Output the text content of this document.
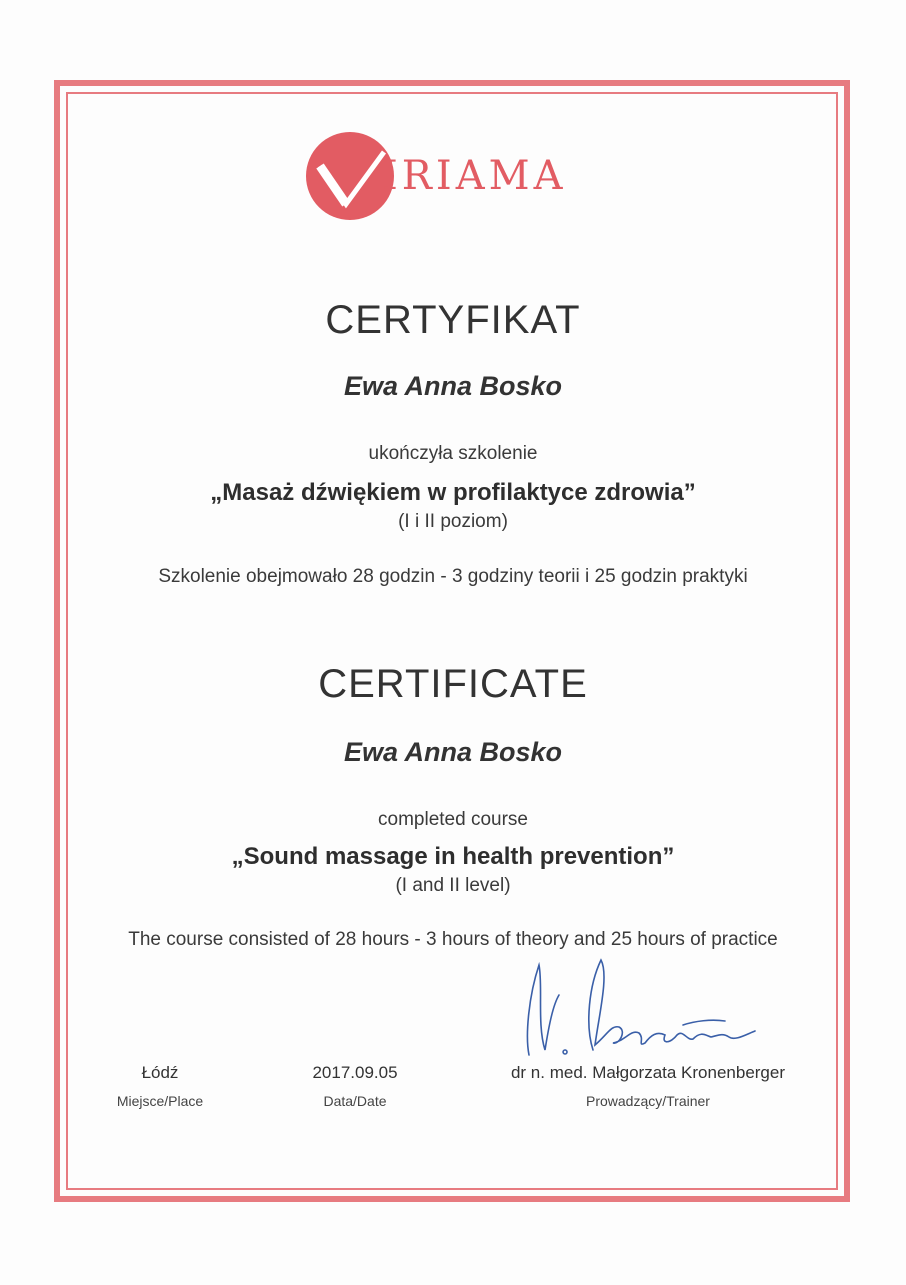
IRIAMA
CERTYFIKAT
Ewa Anna Bosko
ukończyła szkolenie
„Masaż dźwiękiem w profilaktyce zdrowia”
(I i II poziom)
Szkolenie obejmowało 28 godzin - 3 godziny teorii i 25 godzin praktyki
CERTIFICATE
Ewa Anna Bosko
completed course
„Sound massage in health prevention”
(I and II level)
The course consisted of 28 hours - 3 hours of theory and 25 hours of practice
Łódź
Miejsce/Place
2017.09.05
Data/Date
dr n. med. Małgorzata Kronenberger
Prowadzący/Trainer
